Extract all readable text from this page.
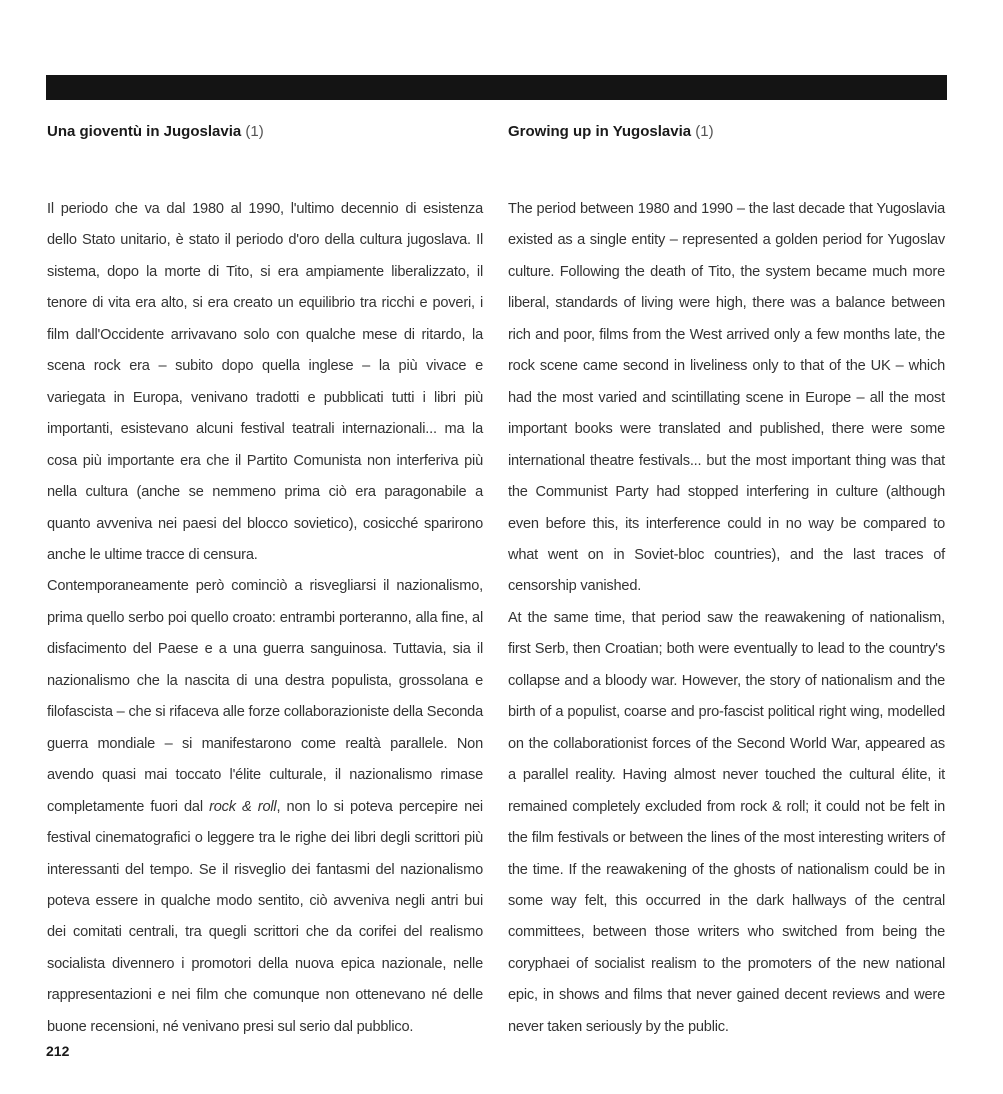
Una gioventù in Jugoslavia (1)

Il periodo che va dal 1980 al 1990, l'ultimo decennio di esistenza dello Stato unitario, è stato il periodo d'oro della cultura jugoslava. Il sistema, dopo la morte di Tito, si era ampiamente liberalizzato, il tenore di vita era alto, si era creato un equilibrio tra ricchi e poveri, i film dall'Occidente arrivavano solo con qualche mese di ritardo, la scena rock era – subito dopo quella inglese – la più vivace e variegata in Europa, venivano tradotti e pubblicati tutti i libri più importanti, esistevano alcuni festival teatrali internazionali... ma la cosa più importante era che il Partito Comunista non interferiva più nella cultura (anche se nemmeno prima ciò era paragonabile a quanto avveniva nei paesi del blocco sovietico), cosicché sparirono anche le ultime tracce di censura.

Contemporaneamente però cominciò a risvegliarsi il nazionalismo, prima quello serbo poi quello croato: entrambi porteranno, alla fine, al disfacimento del Paese e a una guerra sanguinosa. Tuttavia, sia il nazionalismo che la nascita di una destra populista, grossolana e filofascista – che si rifaceva alle forze collaborazioniste della Seconda guerra mondiale – si manifestarono come realtà parallele. Non avendo quasi mai toccato l'élite culturale, il nazionalismo rimase completamente fuori dal rock & roll, non lo si poteva percepire nei festival cinematografici o leggere tra le righe dei libri degli scrittori più interessanti del tempo. Se il risveglio dei fantasmi del nazionalismo poteva essere in qualche modo sentito, ciò avveniva negli antri bui dei comitati centrali, tra quegli scrittori che da corifei del realismo socialista divennero i promotori della nuova epica nazionale, nelle rappresentazioni e nei film che comunque non ottenevano né delle buone recensioni, né venivano presi sul serio dal pubblico.

Growing up in Yugoslavia (1)

The period between 1980 and 1990 – the last decade that Yugoslavia existed as a single entity – represented a golden period for Yugoslav culture. Following the death of Tito, the system became much more liberal, standards of living were high, there was a balance between rich and poor, films from the West arrived only a few months late, the rock scene came second in liveliness only to that of the UK – which had the most varied and scintillating scene in Europe – all the most important books were translated and published, there were some international theatre festivals... but the most important thing was that the Communist Party had stopped interfering in culture (although even before this, its interference could in no way be compared to what went on in Soviet-bloc countries), and the last traces of censorship vanished.

At the same time, that period saw the reawakening of nationalism, first Serb, then Croatian; both were eventually to lead to the country's collapse and a bloody war. However, the story of nationalism and the birth of a populist, coarse and pro-fascist political right wing, modelled on the collaborationist forces of the Second World War, appeared as a parallel reality. Having almost never touched the cultural élite, it remained completely excluded from rock & roll; it could not be felt in the film festivals or between the lines of the most interesting writers of the time. If the reawakening of the ghosts of nationalism could be in some way felt, this occurred in the dark hallways of the central committees, between those writers who switched from being the coryphaei of socialist realism to the promoters of the new national epic, in shows and films that never gained decent reviews and were never taken seriously by the public.

212
